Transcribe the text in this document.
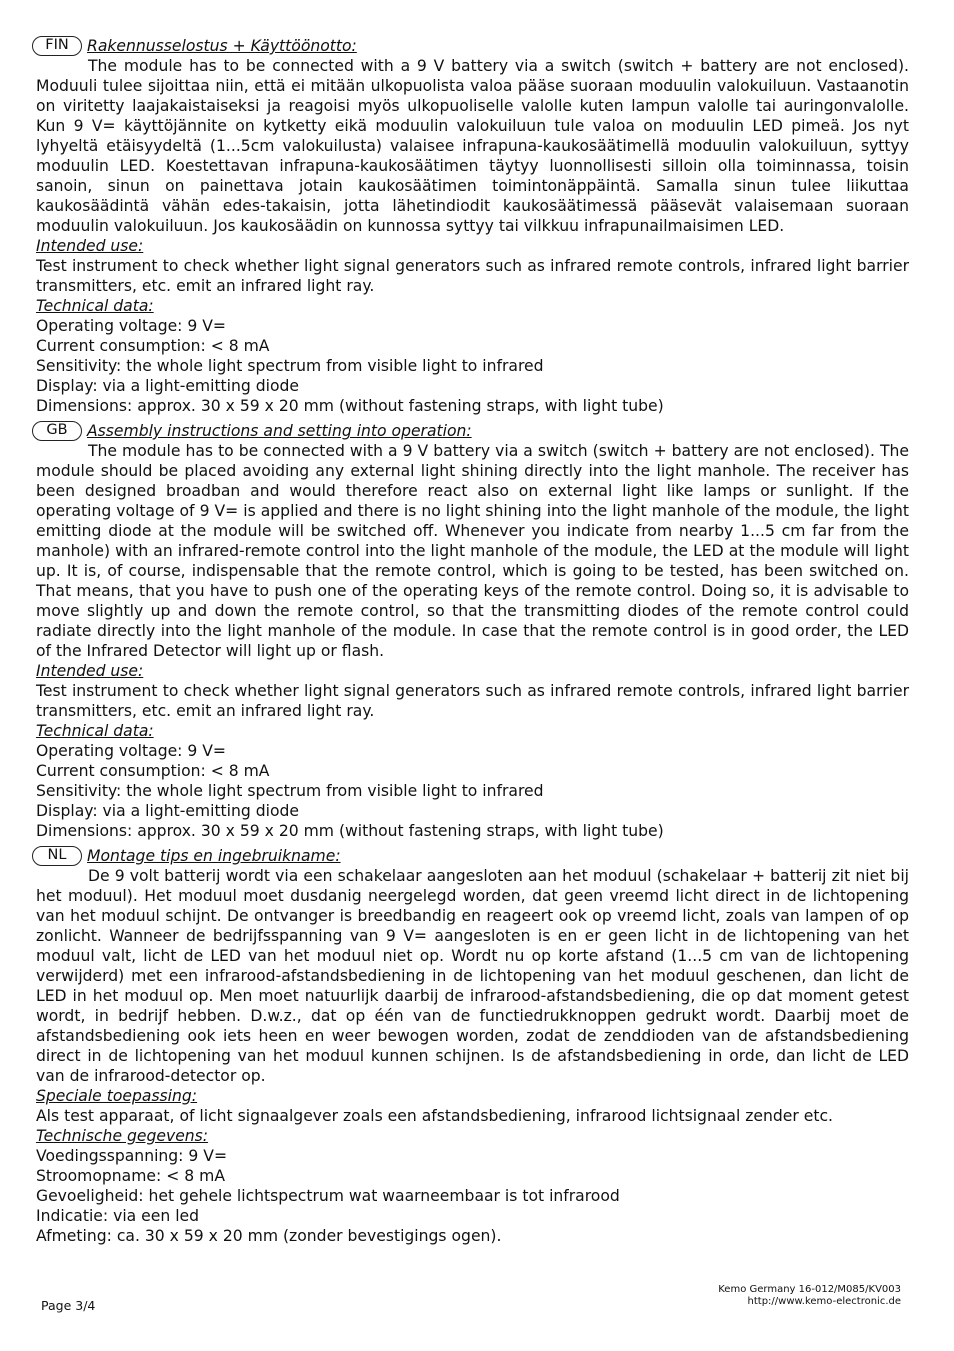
FIN	Rakennusselostus + Käyttöönotto:

The module has to be connected with a 9 V battery via a switch (switch + battery are not enclosed). Moduuli tulee sijoittaa niin, että ei mitään ulkopuolista valoa pääse suoraan moduulin valokuiluun. Vastaanotin on viritetty laajakaistaiseksi ja reagoisi myös ulkopuoliselle valolle kuten lampun valolle tai auringonvalolle. Kun 9 V= käyttöjännite on kytketty eikä moduulin valokuiluun tule valoa on moduulin LED pimeä. Jos nyt lyhyeltä etäisyydeltä (1...5cm valokuilusta) valaisee infrapuna-kaukosäätimellä moduulin valokuiluun, syttyy moduulin LED. Koestettavan infrapuna-kaukosäätimen täytyy luonnollisesti silloin olla toiminnassa, toisin sanoin, sinun on painettava jotain kaukosäätimen toimintonäppäintä. Samalla sinun tulee liikuttaa kaukosäädintä vähän edes-takaisin, jotta lähetindiodit kaukosäätimessä pääsevät valaisemaan suoraan moduulin valokuiluun. Jos kaukosäädin on kunnossa syttyy tai vilkkuu infrapunailmaisimen LED.

Intended use:

Test instrument to check whether light signal generators such as infrared remote controls, infrared light barrier transmitters, etc. emit an infrared light ray.

Technical data:

Operating voltage: 9 V=

Current consumption: < 8 mA

Sensitivity: the whole light spectrum from visible light to infrared

Display: via a light-emitting diode

Dimensions: approx. 30 x 59 x 20 mm (without fastening straps, with light tube)

GB	Assembly instructions and setting into operation:

The module has to be connected with a 9 V battery via a switch (switch + battery are not enclosed). The module should be placed avoiding any external light shining directly into the light manhole. The receiver has been designed broadban and would therefore react also on external light like lamps or sunlight. If the operating voltage of 9 V= is applied and there is no light shining into the light manhole of the module, the light emitting diode at the module will be switched off. Whenever you indicate from nearby 1...5 cm far from the manhole) with an infrared-remote control into the light manhole of the module, the LED at the module will light up. It is, of course, indispensable that the remote control, which is going to be tested, has been switched on. That means, that you have to push one of the operating keys of the remote control. Doing so, it is advisable to move slightly up and down the remote control, so that the transmitting diodes of the remote control could radiate directly into the light manhole of the module. In case that the remote control is in good order, the LED of the Infrared Detector will light up or flash.

Intended use:

Test instrument to check whether light signal generators such as infrared remote controls, infrared light barrier transmitters, etc. emit an infrared light ray.

Technical data:

Operating voltage: 9 V=

Current consumption: < 8 mA

Sensitivity: the whole light spectrum from visible light to infrared

Display: via a light-emitting diode

Dimensions: approx. 30 x 59 x 20 mm (without fastening straps, with light tube)

NL	Montage tips en ingebruikname:

De 9 volt batterij wordt via een schakelaar aangesloten aan het moduul (schakelaar + batterij zit niet bij het moduul). Het moduul moet dusdanig neergelegd worden, dat geen vreemd licht direct in de lichtopening van het moduul schijnt. De ontvanger is breedbandig en reageert ook op vreemd licht, zoals van lampen of op zonlicht. Wanneer de bedrijfsspanning van 9 V= aangesloten is en er geen licht in de lichtopening van het moduul valt, licht de LED van het moduul niet op. Wordt nu op korte afstand (1...5 cm van de lichtopening verwijderd) met een infrarood-afstandsbediening in de lichtopening van het moduul geschenen, dan licht de LED in het moduul op. Men moet natuurlijk daarbij de infrarood-afstandsbediening, die op dat moment getest wordt, in bedrijf hebben. D.w.z., dat op één van de functiedrukknoppen gedrukt wordt. Daarbij moet de afstandsbediening ook iets heen en weer bewogen worden, zodat de zenddioden van de afstandsbediening direct in de lichtopening van het moduul kunnen schijnen. Is de afstandsbediening in orde, dan licht de LED van de infrarood-detector op.

Speciale toepassing:

Als test apparaat, of licht signaalgever zoals een afstandsbediening, infrarood lichtsignaal zender etc.

Technische gegevens:

Voedingsspanning: 9 V=

Stroomopname: < 8 mA

Gevoeligheid: het gehele lichtspectrum wat waarneembaar is tot infrarood

Indicatie: via een led

Afmeting: ca. 30 x 59 x 20 mm (zonder bevestigings ogen).

Page 3/4
Kemo Germany 16-012/M085/KV003
http://www.kemo-electronic.de
